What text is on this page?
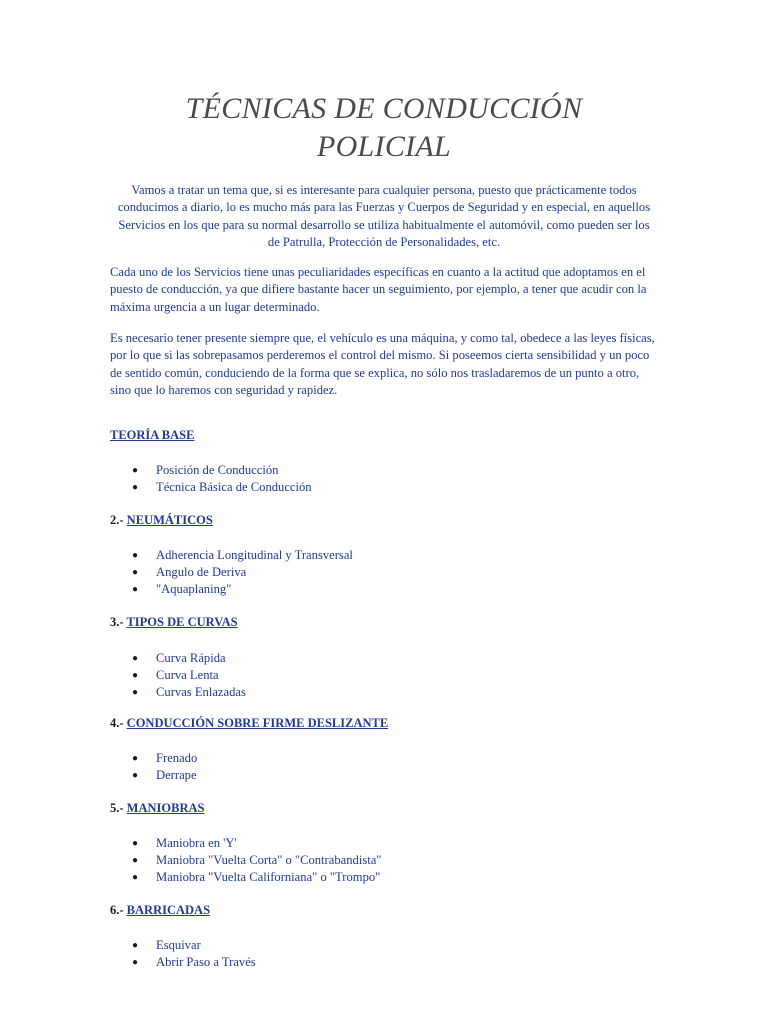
TÉCNICAS DE CONDUCCIÓN
POLICIAL
Vamos a tratar un tema que, si es interesante para cualquier persona, puesto que prácticamente todos conducimos a diario, lo es mucho más para las Fuerzas y Cuerpos de Seguridad y en especial, en aquellos Servicios en los que para su normal desarrollo se utiliza habitualmente el automóvil, como pueden ser los de Patrulla, Protección de Personalidades, etc.
Cada uno de los Servicios tiene unas peculiaridades específicas en cuanto a la actitud que adoptamos en el puesto de conducción, ya que difiere bastante hacer un seguimiento, por ejemplo, a tener que acudir con la máxima urgencia a un lugar determinado.
Es necesario tener presente siempre que, el vehículo es una máquina, y como tal, obedece a las leyes físicas, por lo que si las sobrepasamos perderemos el control del mismo. Si poseemos cierta sensibilidad y un poco de sentido común, conduciendo de la forma que se explica, no sólo nos trasladaremos de un punto a otro, sino que lo haremos con seguridad y rapidez.
TEORÍA BASE
● Posición de Conducción
● Técnica Básica de Conducción
2.- NEUMÁTICOS
● Adherencia Longitudinal y Transversal
● Angulo de Deriva
● "Aquaplaning"
3.- TIPOS DE CURVAS
● Curva Rápida
● Curva Lenta
● Curvas Enlazadas
4.- CONDUCCIÓN SOBRE FIRME DESLIZANTE
● Frenado
● Derrape
5.- MANIOBRAS
● Maniobra en 'Y'
● Maniobra "Vuelta Corta" o "Contrabandista"
● Maniobra "Vuelta Californiana" o "Trompo"
6.- BARRICADAS
● Esquivar
● Abrir Paso a Través
